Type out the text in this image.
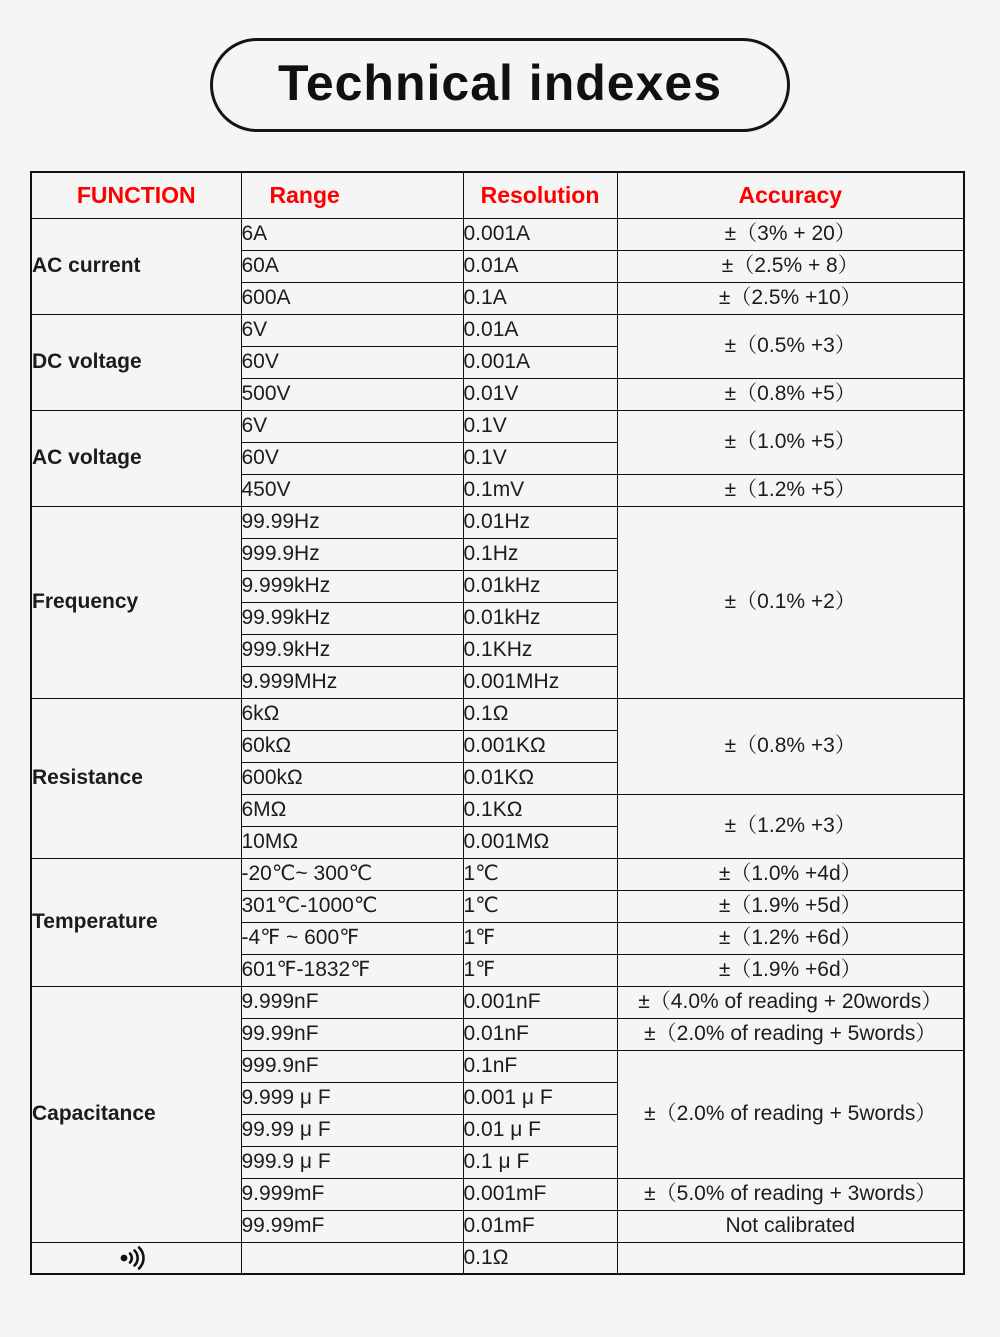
Technical indexes
FUNCTION	Range	Resolution	Accuracy
AC current	6A	0.001A	±（3% + 20）
	60A	0.01A	±（2.5% + 8）
	600A	0.1A	±（2.5% +10）
DC voltage	6V	0.01A	±（0.5% +3）
	60V	0.001A	
	500V	0.01V	±（0.8% +5）
AC voltage	6V	0.1V	±（1.0% +5）
	60V	0.1V	
	450V	0.1mV	±（1.2% +5）
Frequency	99.99Hz	0.01Hz	±（0.1% +2）
	999.9Hz	0.1Hz	
	9.999kHz	0.01kHz	
	99.99kHz	0.01kHz	
	999.9kHz	0.1KHz	
	9.999MHz	0.001MHz	
Resistance	6kΩ	0.1Ω	±（0.8% +3）
	60kΩ	0.001KΩ	
	600kΩ	0.01KΩ	
	6MΩ	0.1KΩ	±（1.2% +3）
	10MΩ	0.001MΩ	
Temperature	-20℃~ 300℃	1℃	±（1.0% +4d）
	301℃-1000℃	1℃	±（1.9% +5d）
	-4℉ ~ 600℉	1℉	±（1.2% +6d）
	601℉-1832℉	1℉	±（1.9% +6d）
Capacitance	9.999nF	0.001nF	±（4.0% of reading + 20words）
	99.99nF	0.01nF	±（2.0% of reading + 5words）
	999.9nF	0.1nF	±（2.0% of reading + 5words）
	9.999 μ F	0.001 μ F	
	99.99 μ F	0.01 μ F	
	999.9 μ F	0.1 μ F	
	9.999mF	0.001mF	±（5.0% of reading + 3words）
	99.99mF	0.01mF	Not calibrated
		0.1Ω	
